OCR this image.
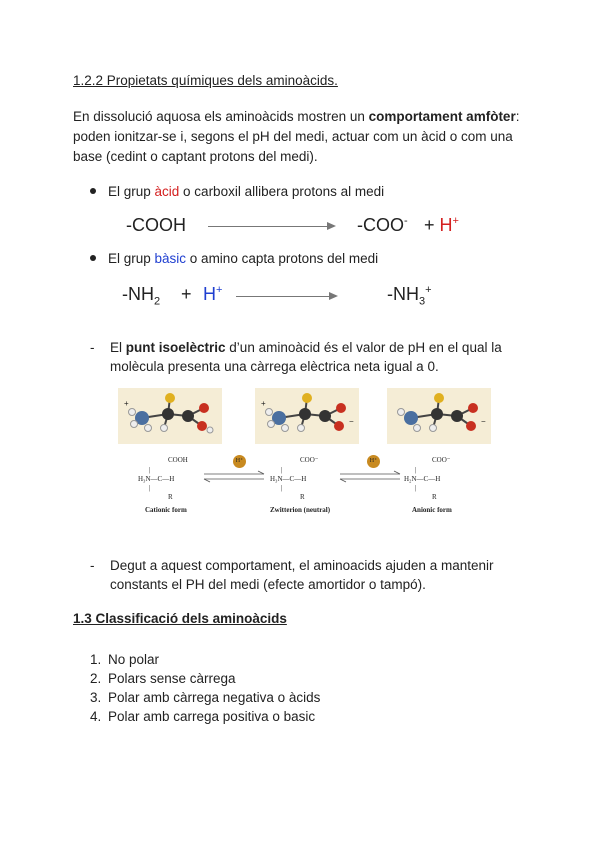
1.2.2 Propietats químiques dels aminoàcids.
En dissolució aquosa els aminoàcids mostren un comportament amfòter: poden ionitzar-se i, segons el pH del medi, actuar com un àcid o com una base (cedint o captant protons del medi).
El grup àcid o carboxil allibera protons al medi
-COOH	-COO- + H+
El grup bàsic o amino capta protons del medi
$-NH_2 + H^+$	$-NH_3^+$
- El punt isoelèctric d’un aminoàcid és el valor de pH en el qual la molècula presenta una càrrega elèctrica neta igual a 0.
+	+
−	−
H⁺	H⁺
COOH
|
H₃N—C—H
|
R
COO⁻
|
H₃N—C—H
|
R
COO⁻
|
H₂N—C—H
|
R
Cationic form	Zwitterion (neutral)	Anionic form
- Degut a aquest comportament, el aminoacids ajuden a mantenir constants el PH del medi (efecte amortidor o tampó).
1.3 Classificació dels aminoàcids
1. No polar
2. Polars sense càrrega
3. Polar amb càrrega negativa o àcids
4. Polar amb carrega positiva o basic
